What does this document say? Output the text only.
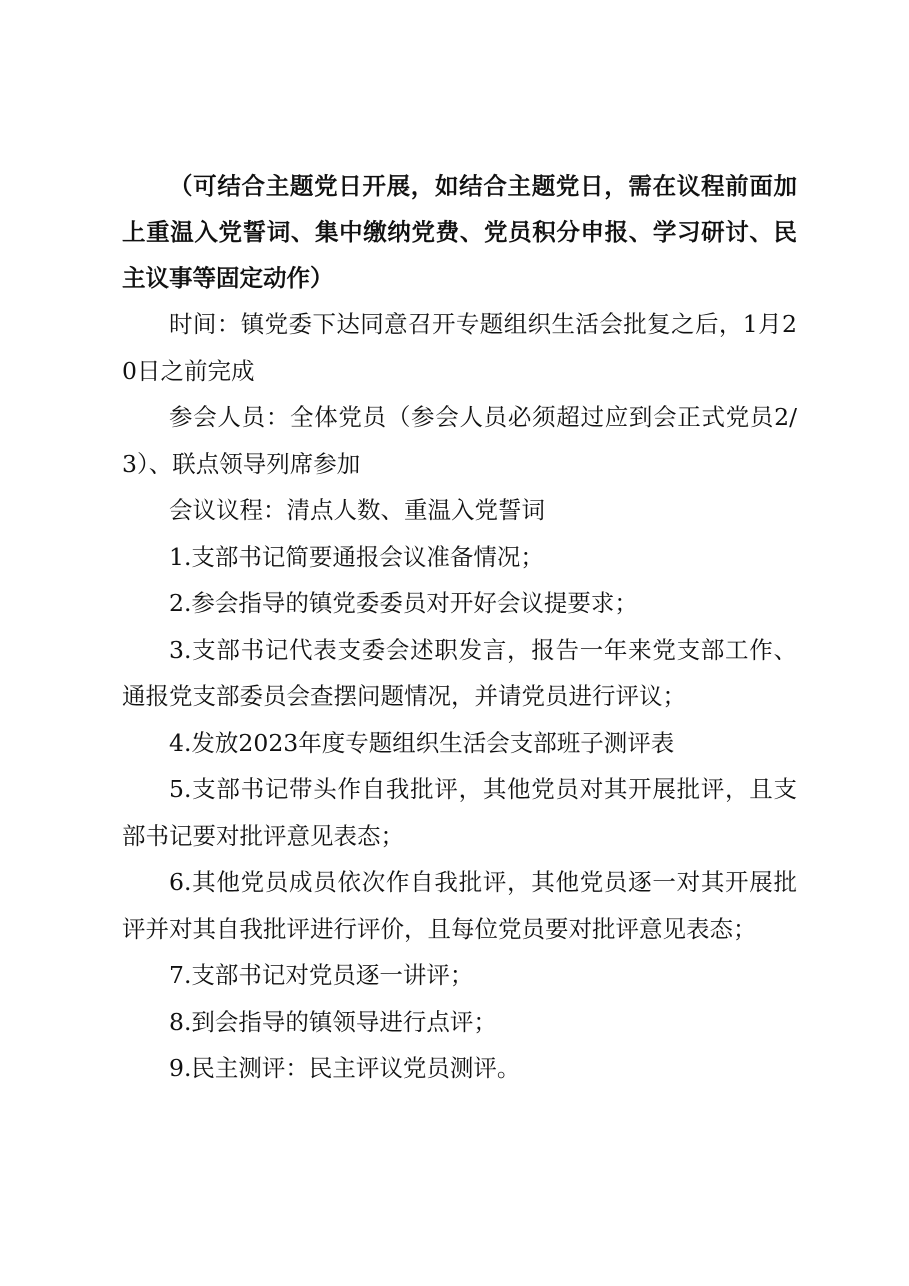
（可结合主题党日开展，如结合主题党日，需在议程前面加上重温入党誓词、集中缴纳党费、党员积分申报、学习研讨、民主议事等固定动作）

时间：镇党委下达同意召开专题组织生活会批复之后，1月20日之前完成

参会人员：全体党员（参会人员必须超过应到会正式党员2/3）、联点领导列席参加

会议议程：清点人数、重温入党誓词

1.支部书记简要通报会议准备情况；

2.参会指导的镇党委委员对开好会议提要求；

3.支部书记代表支委会述职发言，报告一年来党支部工作、通报党支部委员会查摆问题情况，并请党员进行评议；

4.发放2023年度专题组织生活会支部班子测评表

5.支部书记带头作自我批评，其他党员对其开展批评，且支部书记要对批评意见表态；

6.其他党员成员依次作自我批评，其他党员逐一对其开展批评并对其自我批评进行评价，且每位党员要对批评意见表态；

7.支部书记对党员逐一讲评；

8.到会指导的镇领导进行点评；

9.民主测评：民主评议党员测评。
